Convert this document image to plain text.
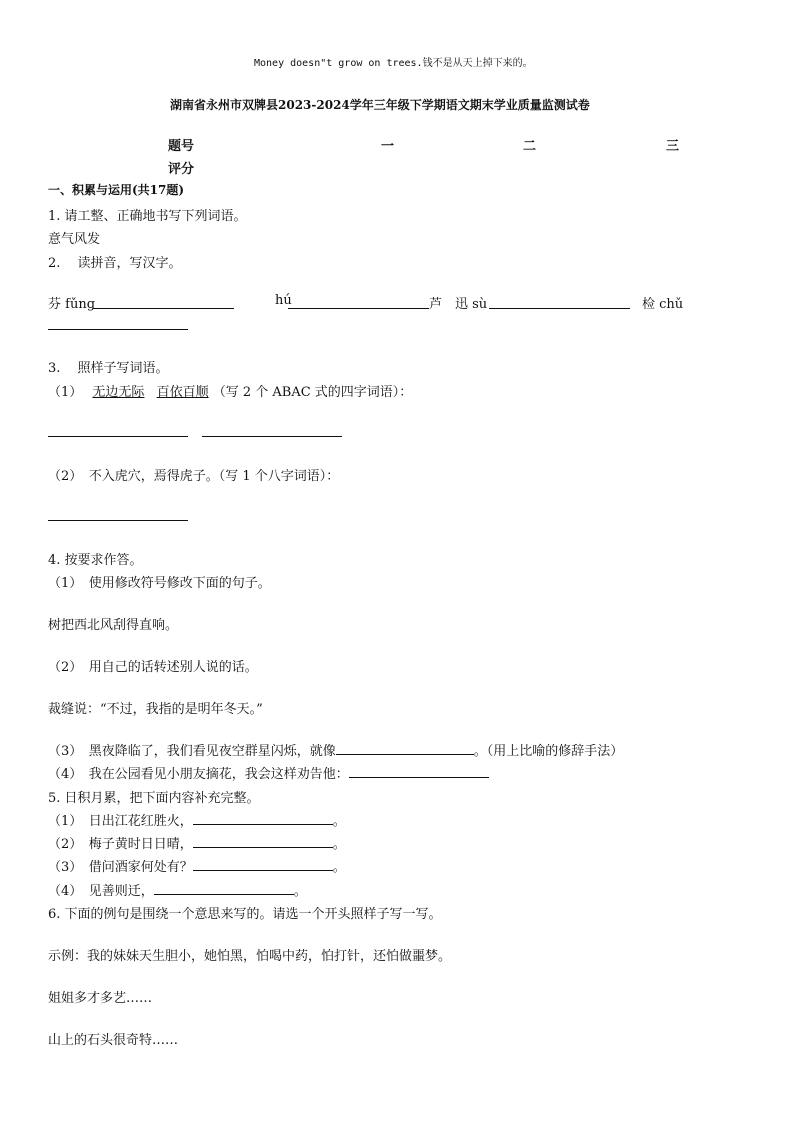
Money doesn"t grow on trees.钱不是从天上掉下来的。
湖南省永州市双牌县2023-2024学年三年级下学期语文期末学业质量监测试卷
题号	一	二	三
评分
一、积累与运用(共17题)
1. 请工整、正确地书写下列词语。
意气风发
2.　 读拼音，写汉字。
芬 fǔng	hú	芦　迅 sù	检 chǔ
3.　 照样子写词语。
（1） 无边无际 百依百顺 （写 2 个 ABAC 式的四字词语）：
（2）　不入虎穴，焉得虎子。（写 1 个八字词语）：
4. 按要求作答。
（1）　使用修改符号修改下面的句子。
树把西北风刮得直响。
（2）　用自己的话转述别人说的话。
裁缝说：“不过，我指的是明年冬天。”
（3）　黑夜降临了，我们看见夜空群星闪烁，就像	。（用上比喻的修辞手法）
（4）　我在公园看见小朋友摘花，我会这样劝告他：
5. 日积月累，把下面内容补充完整。
（1）　日出江花红胜火，	。
（2）　梅子黄时日日晴，	。
（3）　借问酒家何处有？	。
（4）　见善则迁，	。
6. 下面的例句是围绕一个意思来写的。请选一个开头照样子写一写。
示例：我的妹妹天生胆小，她怕黑，怕喝中药，怕打针，还怕做噩梦。
姐姐多才多艺……
山上的石头很奇特……
